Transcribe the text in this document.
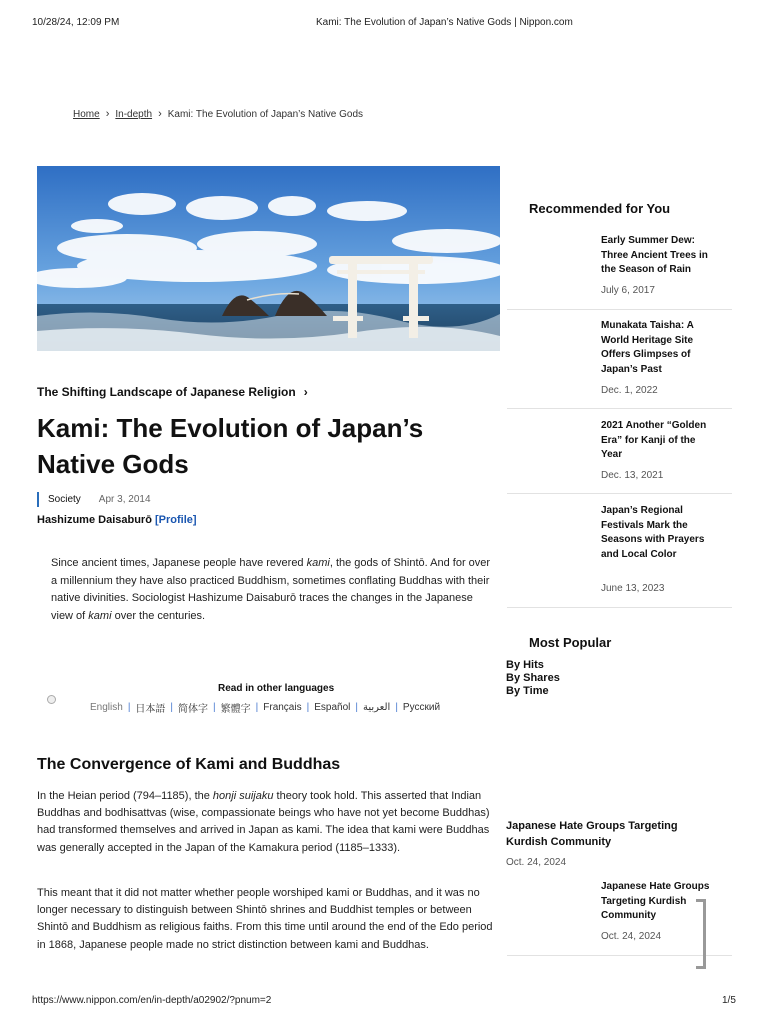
10/28/24, 12:09 PM	Kami: The Evolution of Japan’s Native Gods | Nippon.com
Home › In-depth › Kami: The Evolution of Japan’s Native Gods
The Shifting Landscape of Japanese Religion ›
Kami: The Evolution of Japan’s Native Gods
Society Apr 3, 2014
Hashizume Daisaburō [Profile]

Since ancient times, Japanese people have revered kami, the gods of Shintō. And for over a millennium they have also practiced Buddhism, sometimes conflating Buddhas with their native divinities. Sociologist Hashizume Daisaburō traces the changes in the Japanese view of kami over the centuries.

Read in other languages
English | 日本語 | 简体字 | 繁體字 | Français | Español | العربية | Русский
The Convergence of Kami and Buddhas

In the Heian period (794–1185), the honji suijaku theory took hold. This asserted that Indian Buddhas and bodhisattvas (wise, compassionate beings who have not yet become Buddhas) had transformed themselves and arrived in Japan as kami. The idea that kami were Buddhas was generally accepted in the Japan of the Kamakura period (1185–1333).

This meant that it did not matter whether people worshiped kami or Buddhas, and it was no longer necessary to distinguish between Shintō shrines and Buddhist temples or between Shintō and Buddhism as religious faiths. From this time until around the end of the Edo period in 1868, Japanese people made no strict distinction between kami and Buddhas.

Recommended for You
Early Summer Dew: Three Ancient Trees in the Season of Rain
July 6, 2017
Munakata Taisha: A World Heritage Site Offers Glimpses of Japan’s Past
Dec. 1, 2022
2021 Another “Golden Era” for Kanji of the Year
Dec. 13, 2021
Japan’s Regional Festivals Mark the Seasons with Prayers and Local Color
June 13, 2023
Most Popular
By Hits
By Shares
By Time
Japanese Hate Groups Targeting Kurdish Community
Oct. 24, 2024
Japanese Hate Groups Targeting Kurdish Community
Oct. 24, 2024
https://www.nippon.com/en/in-depth/a02902/?pnum=2	1/5
